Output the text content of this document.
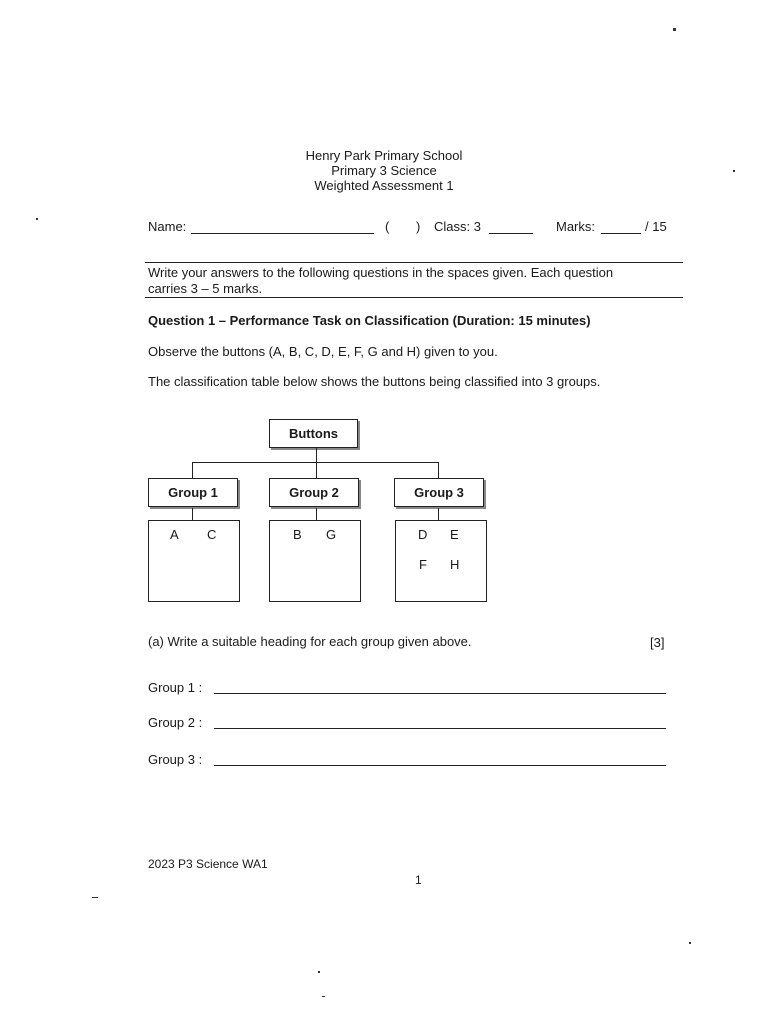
Henry Park Primary School
Primary 3 Science
Weighted Assessment 1
Name:	( ) Class: 3	Marks:	/ 15
Write your answers to the following questions in the spaces given. Each question
carries 3 – 5 marks.
Question 1 – Performance Task on Classification (Duration: 15 minutes)
Observe the buttons (A, B, C, D, E, F, G and H) given to you.
The classification table below shows the buttons being classified into 3 groups.
Buttons
Group 1	Group 2	Group 3
A C	B G	D E
F H
(a) Write a suitable heading for each group given above.	[3]
Group 1 :
Group 2 :
Group 3 :
2023 P3 Science WA1
1
